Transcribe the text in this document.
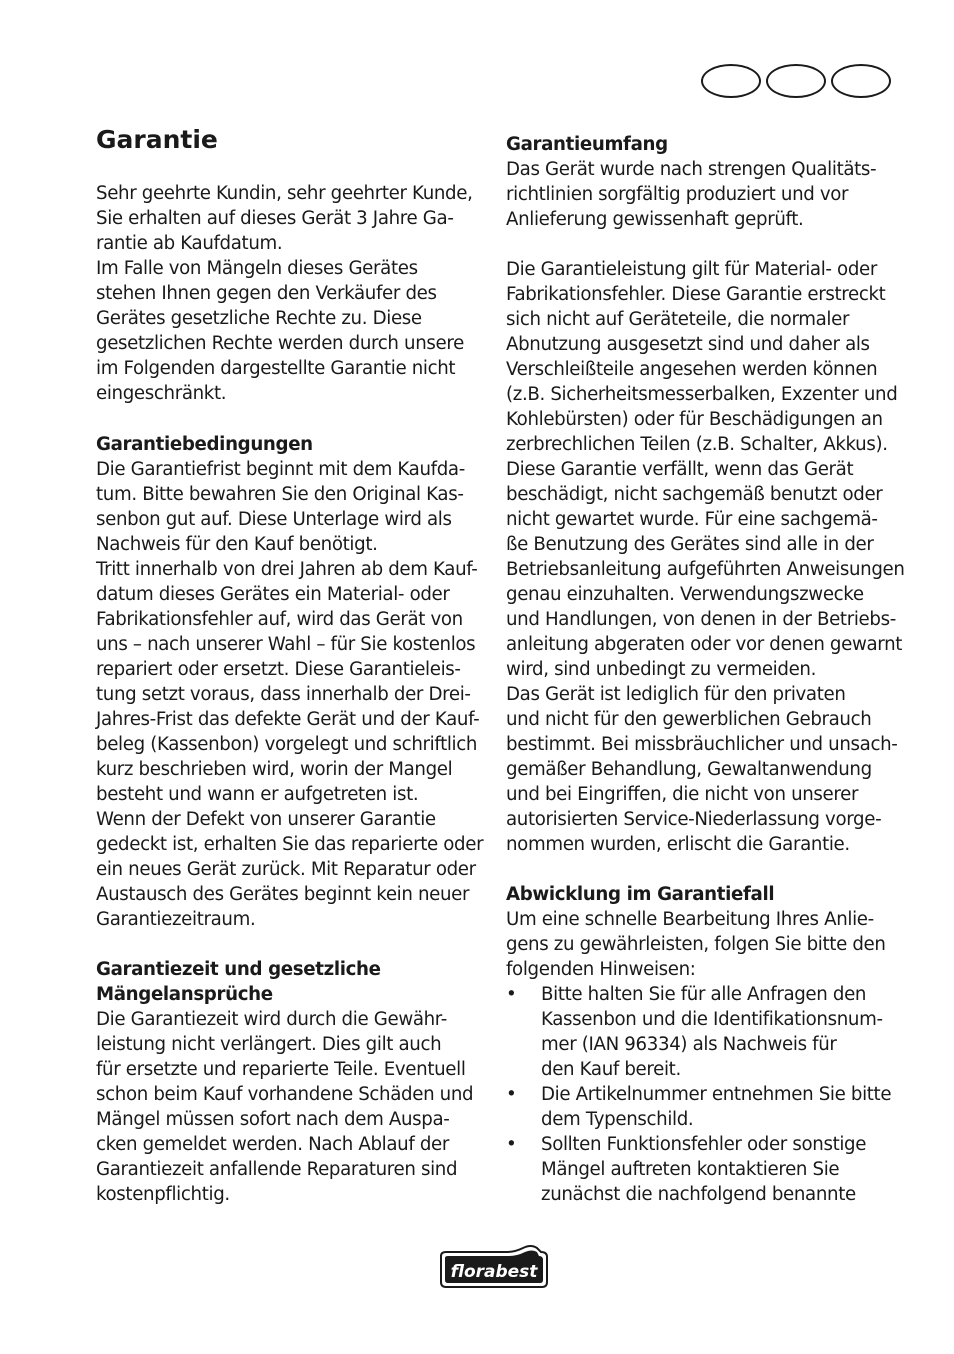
Garantie
Sehr geehrte Kundin, sehr geehrter Kunde,
Sie erhalten auf dieses Gerät 3 Jahre Ga-
rantie ab Kaufdatum.
Im Falle von Mängeln dieses Gerätes
stehen Ihnen gegen den Verkäufer des
Gerätes gesetzliche Rechte zu. Diese
gesetzlichen Rechte werden durch unsere
im Folgenden dargestellte Garantie nicht
eingeschränkt.
Garantiebedingungen
Die Garantiefrist beginnt mit dem Kaufda-
tum. Bitte bewahren Sie den Original Kas-
senbon gut auf. Diese Unterlage wird als
Nachweis für den Kauf benötigt.
Tritt innerhalb von drei Jahren ab dem Kauf-
datum dieses Gerätes ein Material- oder
Fabrikationsfehler auf, wird das Gerät von
uns – nach unserer Wahl – für Sie kostenlos
repariert oder ersetzt. Diese Garantieleis-
tung setzt voraus, dass innerhalb der Drei-
Jahres-Frist das defekte Gerät und der Kauf-
beleg (Kassenbon) vorgelegt und schriftlich
kurz beschrieben wird, worin der Mangel
besteht und wann er aufgetreten ist.
Wenn der Defekt von unserer Garantie
gedeckt ist, erhalten Sie das reparierte oder
ein neues Gerät zurück. Mit Reparatur oder
Austausch des Gerätes beginnt kein neuer
Garantiezeitraum.
Garantiezeit und gesetzliche
Mängelansprüche
Die Garantiezeit wird durch die Gewähr-
leistung nicht verlängert. Dies gilt auch
für ersetzte und reparierte Teile. Eventuell
schon beim Kauf vorhandene Schäden und
Mängel müssen sofort nach dem Auspa-
cken gemeldet werden. Nach Ablauf der
Garantiezeit anfallende Reparaturen sind
kostenpflichtig.
Garantieumfang
Das Gerät wurde nach strengen Qualitäts-
richtlinien sorgfältig produziert und vor
Anlieferung gewissenhaft geprüft.
Die Garantieleistung gilt für Material- oder
Fabrikationsfehler. Diese Garantie erstreckt
sich nicht auf Geräteteile, die normaler
Abnutzung ausgesetzt sind und daher als
Verschleißteile angesehen werden können
(z.B. Sicherheitsmesserbalken, Exzenter und
Kohlebürsten) oder für Beschädigungen an
zerbrechlichen Teilen (z.B. Schalter, Akkus).
Diese Garantie verfällt, wenn das Gerät
beschädigt, nicht sachgemäß benutzt oder
nicht gewartet wurde. Für eine sachgemä-
ße Benutzung des Gerätes sind alle in der
Betriebsanleitung aufgeführten Anweisungen
genau einzuhalten. Verwendungszwecke
und Handlungen, von denen in der Betriebs-
anleitung abgeraten oder vor denen gewarnt
wird, sind unbedingt zu vermeiden.
Das Gerät ist lediglich für den privaten
und nicht für den gewerblichen Gebrauch
bestimmt. Bei missbräuchlicher und unsach-
gemäßer Behandlung, Gewaltanwendung
und bei Eingriffen, die nicht von unserer
autorisierten Service-Niederlassung vorge-
nommen wurden, erlischt die Garantie.
Abwicklung im Garantiefall
Um eine schnelle Bearbeitung Ihres Anlie-
gens zu gewährleisten, folgen Sie bitte den
folgenden Hinweisen:
•	Bitte halten Sie für alle Anfragen den
Kassenbon und die Identifikationsnum-
mer (IAN 96334) als Nachweis für
den Kauf bereit.
•	Die Artikelnummer entnehmen Sie bitte
dem Typenschild.
•	Sollten Funktionsfehler oder sonstige
Mängel auftreten kontaktieren Sie
zunächst die nachfolgend benannte
florabest
